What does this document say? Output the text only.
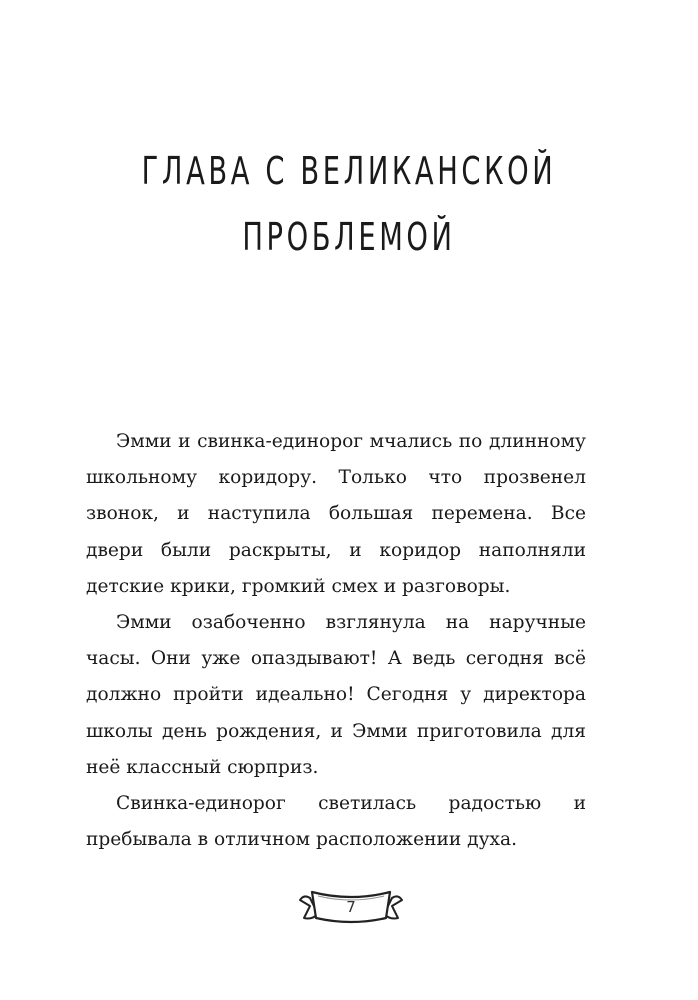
ГЛАВА С ВЕЛИКАНСКОЙ
ПРОБЛЕМОЙ

Эмми и свинка-единорог мчались по длинному школьному коридору. Только что прозвенел звонок, и наступила большая перемена. Все двери были раскрыты, и коридор наполняли детские крики, громкий смех и разговоры.

Эмми озабоченно взглянула на наручные часы. Они уже опаздывают! А ведь сегодня всё должно пройти идеально! Сегодня у директора школы день рождения, и Эмми приготовила для неё классный сюрприз.

Свинка-единорог светилась радостью и пребывала в отличном расположении духа.

7
